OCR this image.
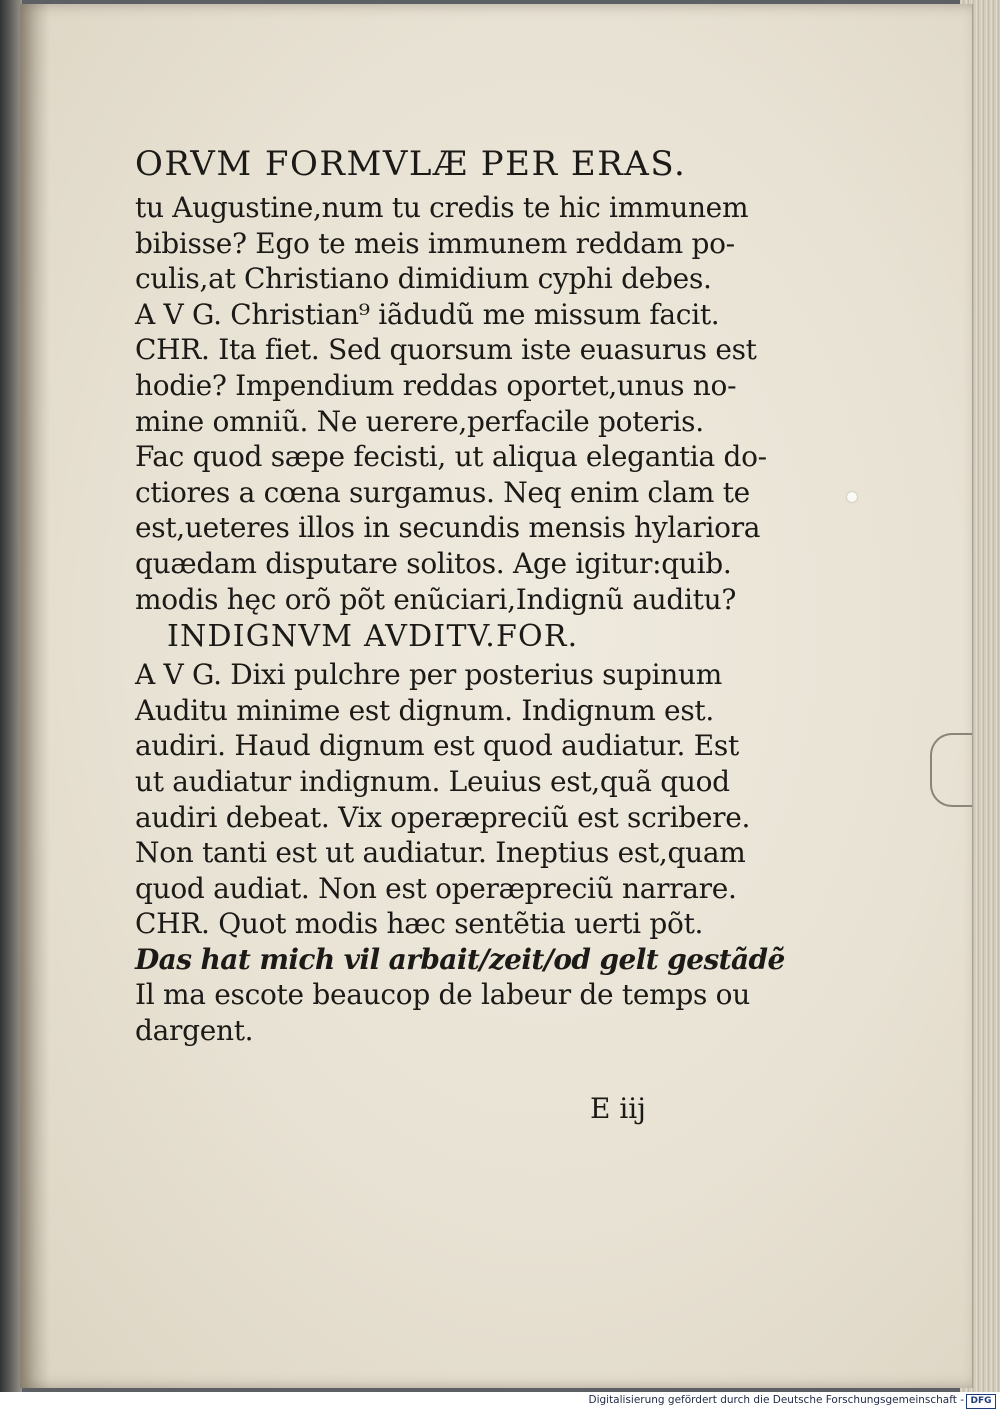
ORVM FORMVLÆ PER ERAS.
tu Augustine,num tu credis te hic immunem
bibisse? Ego te meis immunem reddam po-
culis,at Christiano dimidium cyphi debes.
A V G. Christian⁹ iãdudũ me missum facit.
CHR. Ita fiet. Sed quorsum iste euasurus est
hodie? Impendium reddas oportet,unus no-
mine omniũ. Ne uerere,perfacile poteris.
Fac quod sæpe fecisti, ut aliqua elegantia do-
ctiores a cœna surgamus. Neq enim clam te
est,ueteres illos in secundis mensis hylariora
quædam disputare solitos. Age igitur:quib.
modis hęc orõ põt enũciari,Indignũ auditu?
INDIGNVM AVDITV.FOR.
A V G. Dixi pulchre per posterius supinum
Auditu minime est dignum. Indignum est.
audiri. Haud dignum est quod audiatur. Est
ut audiatur indignum. Leuius est,quã quod
audiri debeat. Vix operæpreciũ est scribere.
Non tanti est ut audiatur. Ineptius est,quam
quod audiat. Non est operæpreciũ narrare.
CHR. Quot modis hæc sentẽtia uerti põt.
Das hat mich vil arbait/zeit/od gelt gestãdẽ
Il ma escote beaucop de labeur de temps ou
dargent.
E iij
Digitalisierung gefördert durch die Deutsche Forschungsgemeinschaft - DFG
